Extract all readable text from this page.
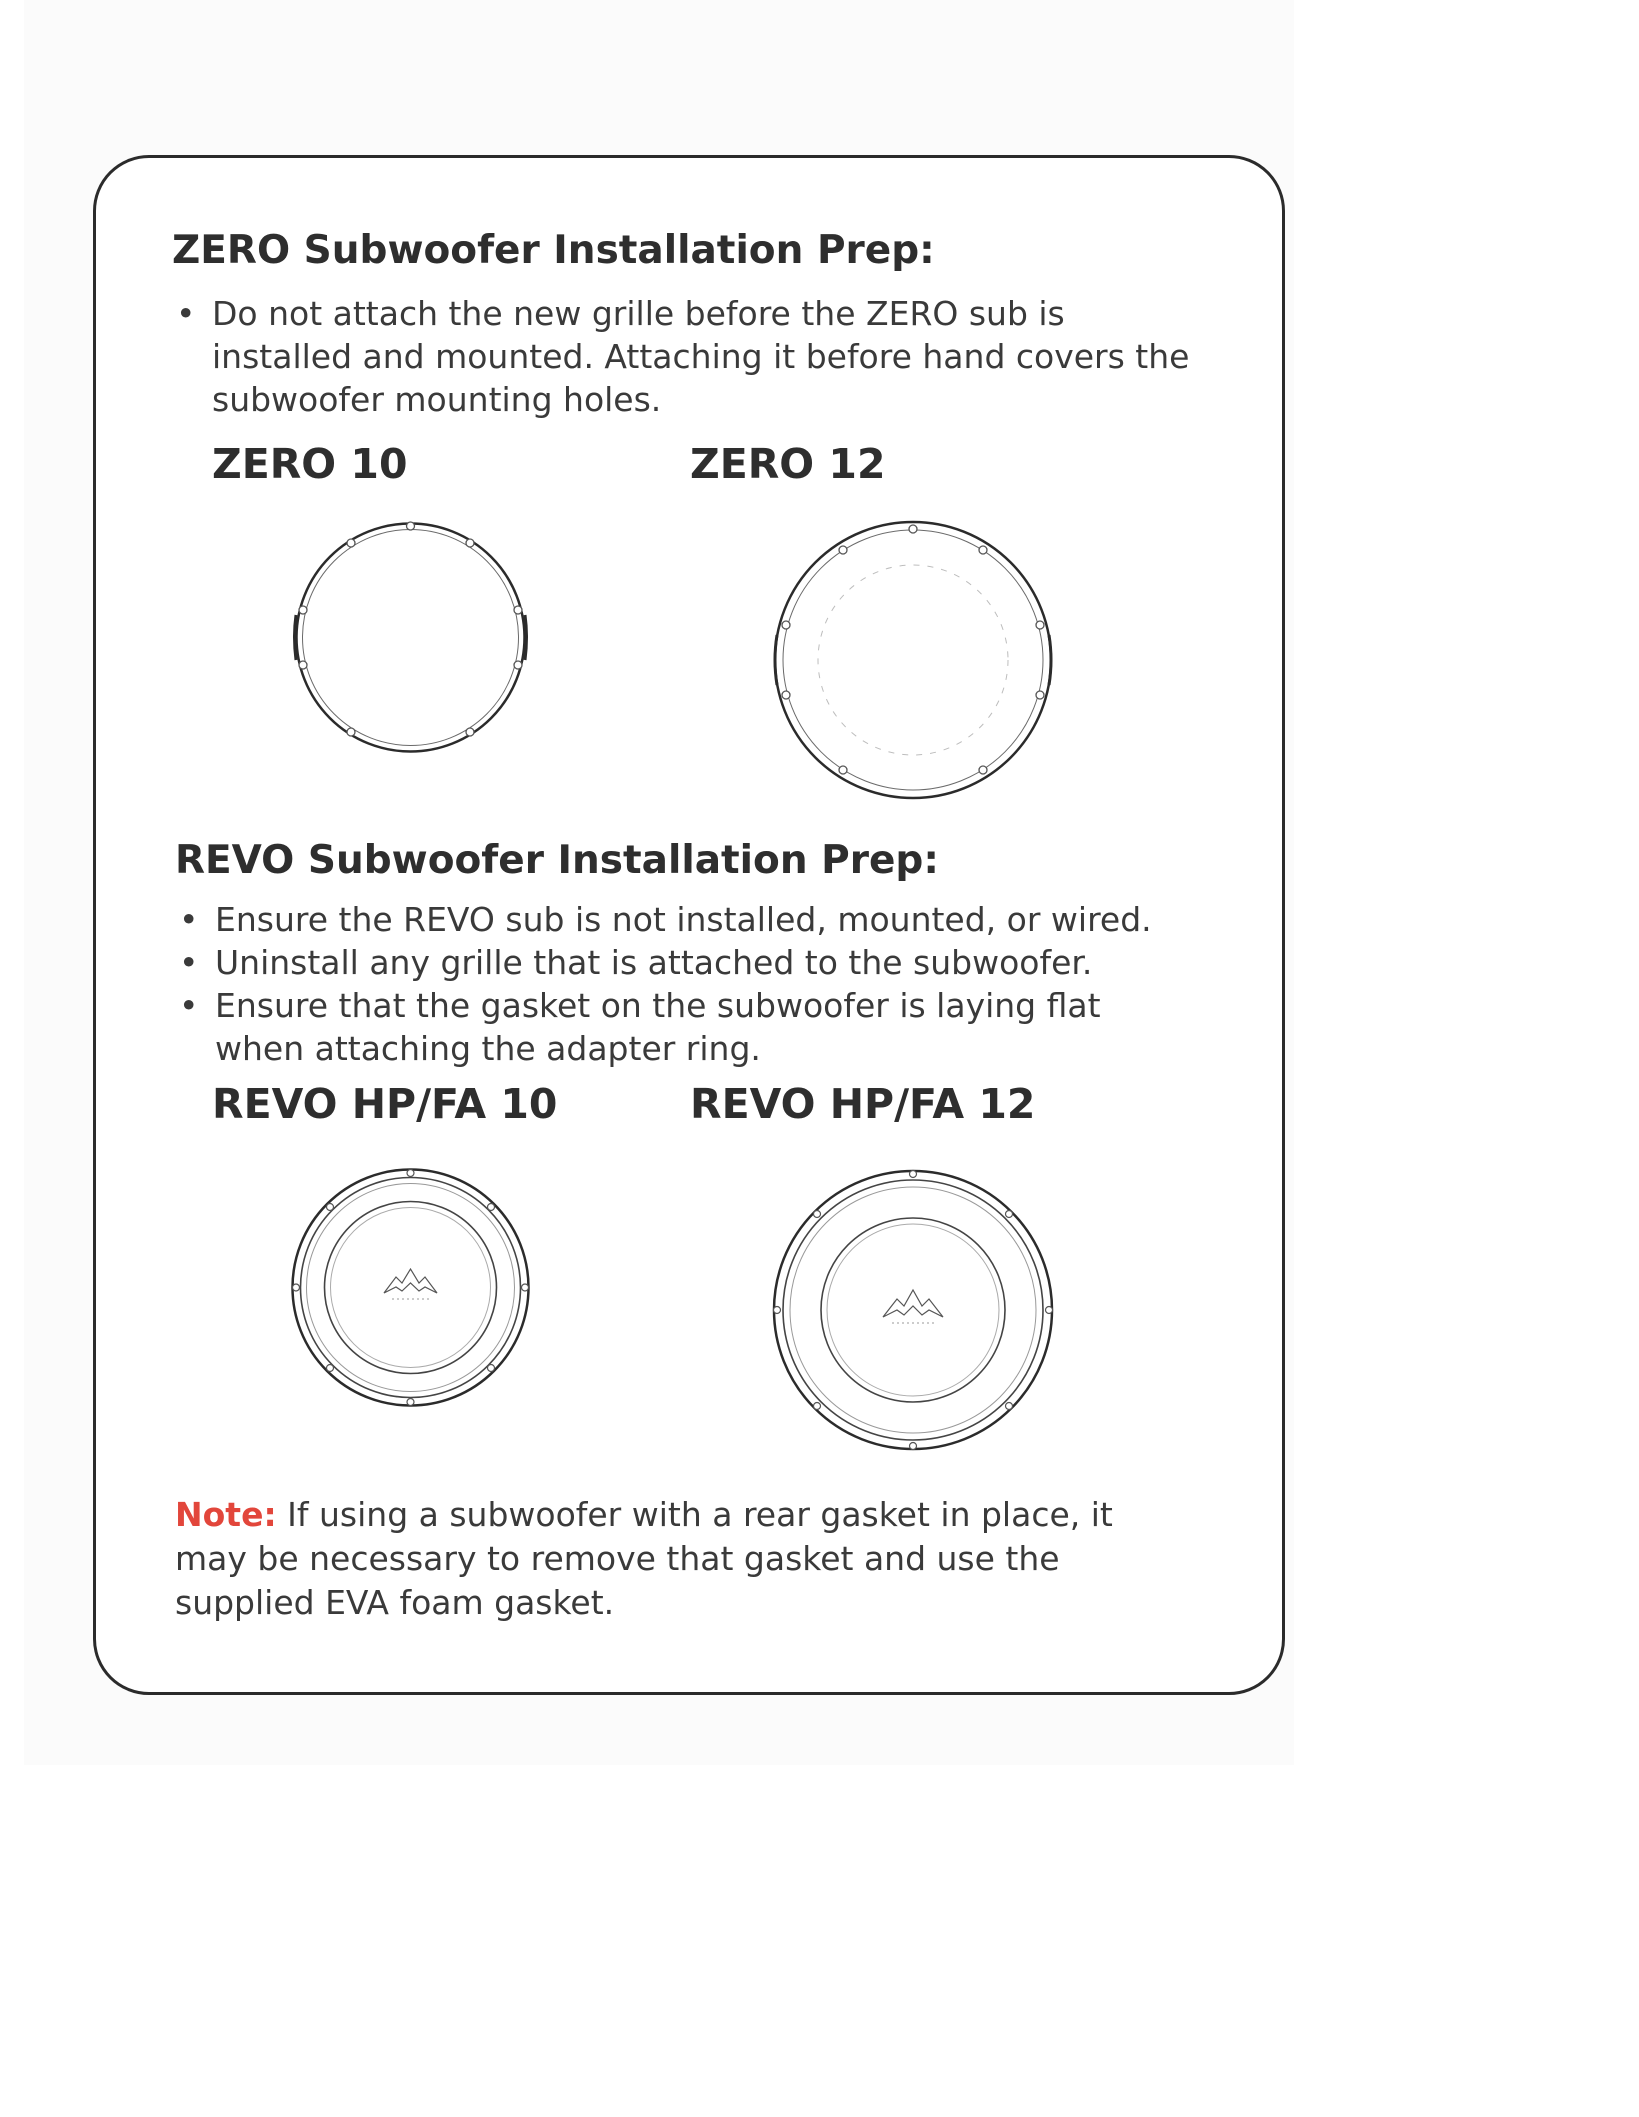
ZERO Subwoofer Installation Prep:
• Do not attach the new grille before the ZERO sub is installed and mounted. Attaching it before hand covers the subwoofer mounting holes.
ZERO 10	ZERO 12
REVO Subwoofer Installation Prep:
• Ensure the REVO sub is not installed, mounted, or wired.
• Uninstall any grille that is attached to the subwoofer.
• Ensure that the gasket on the subwoofer is laying flat when attaching the adapter ring.
REVO HP/FA 10	REVO HP/FA 12

Note: If using a subwoofer with a rear gasket in place, it may be necessary to remove that gasket and use the supplied EVA foam gasket.
